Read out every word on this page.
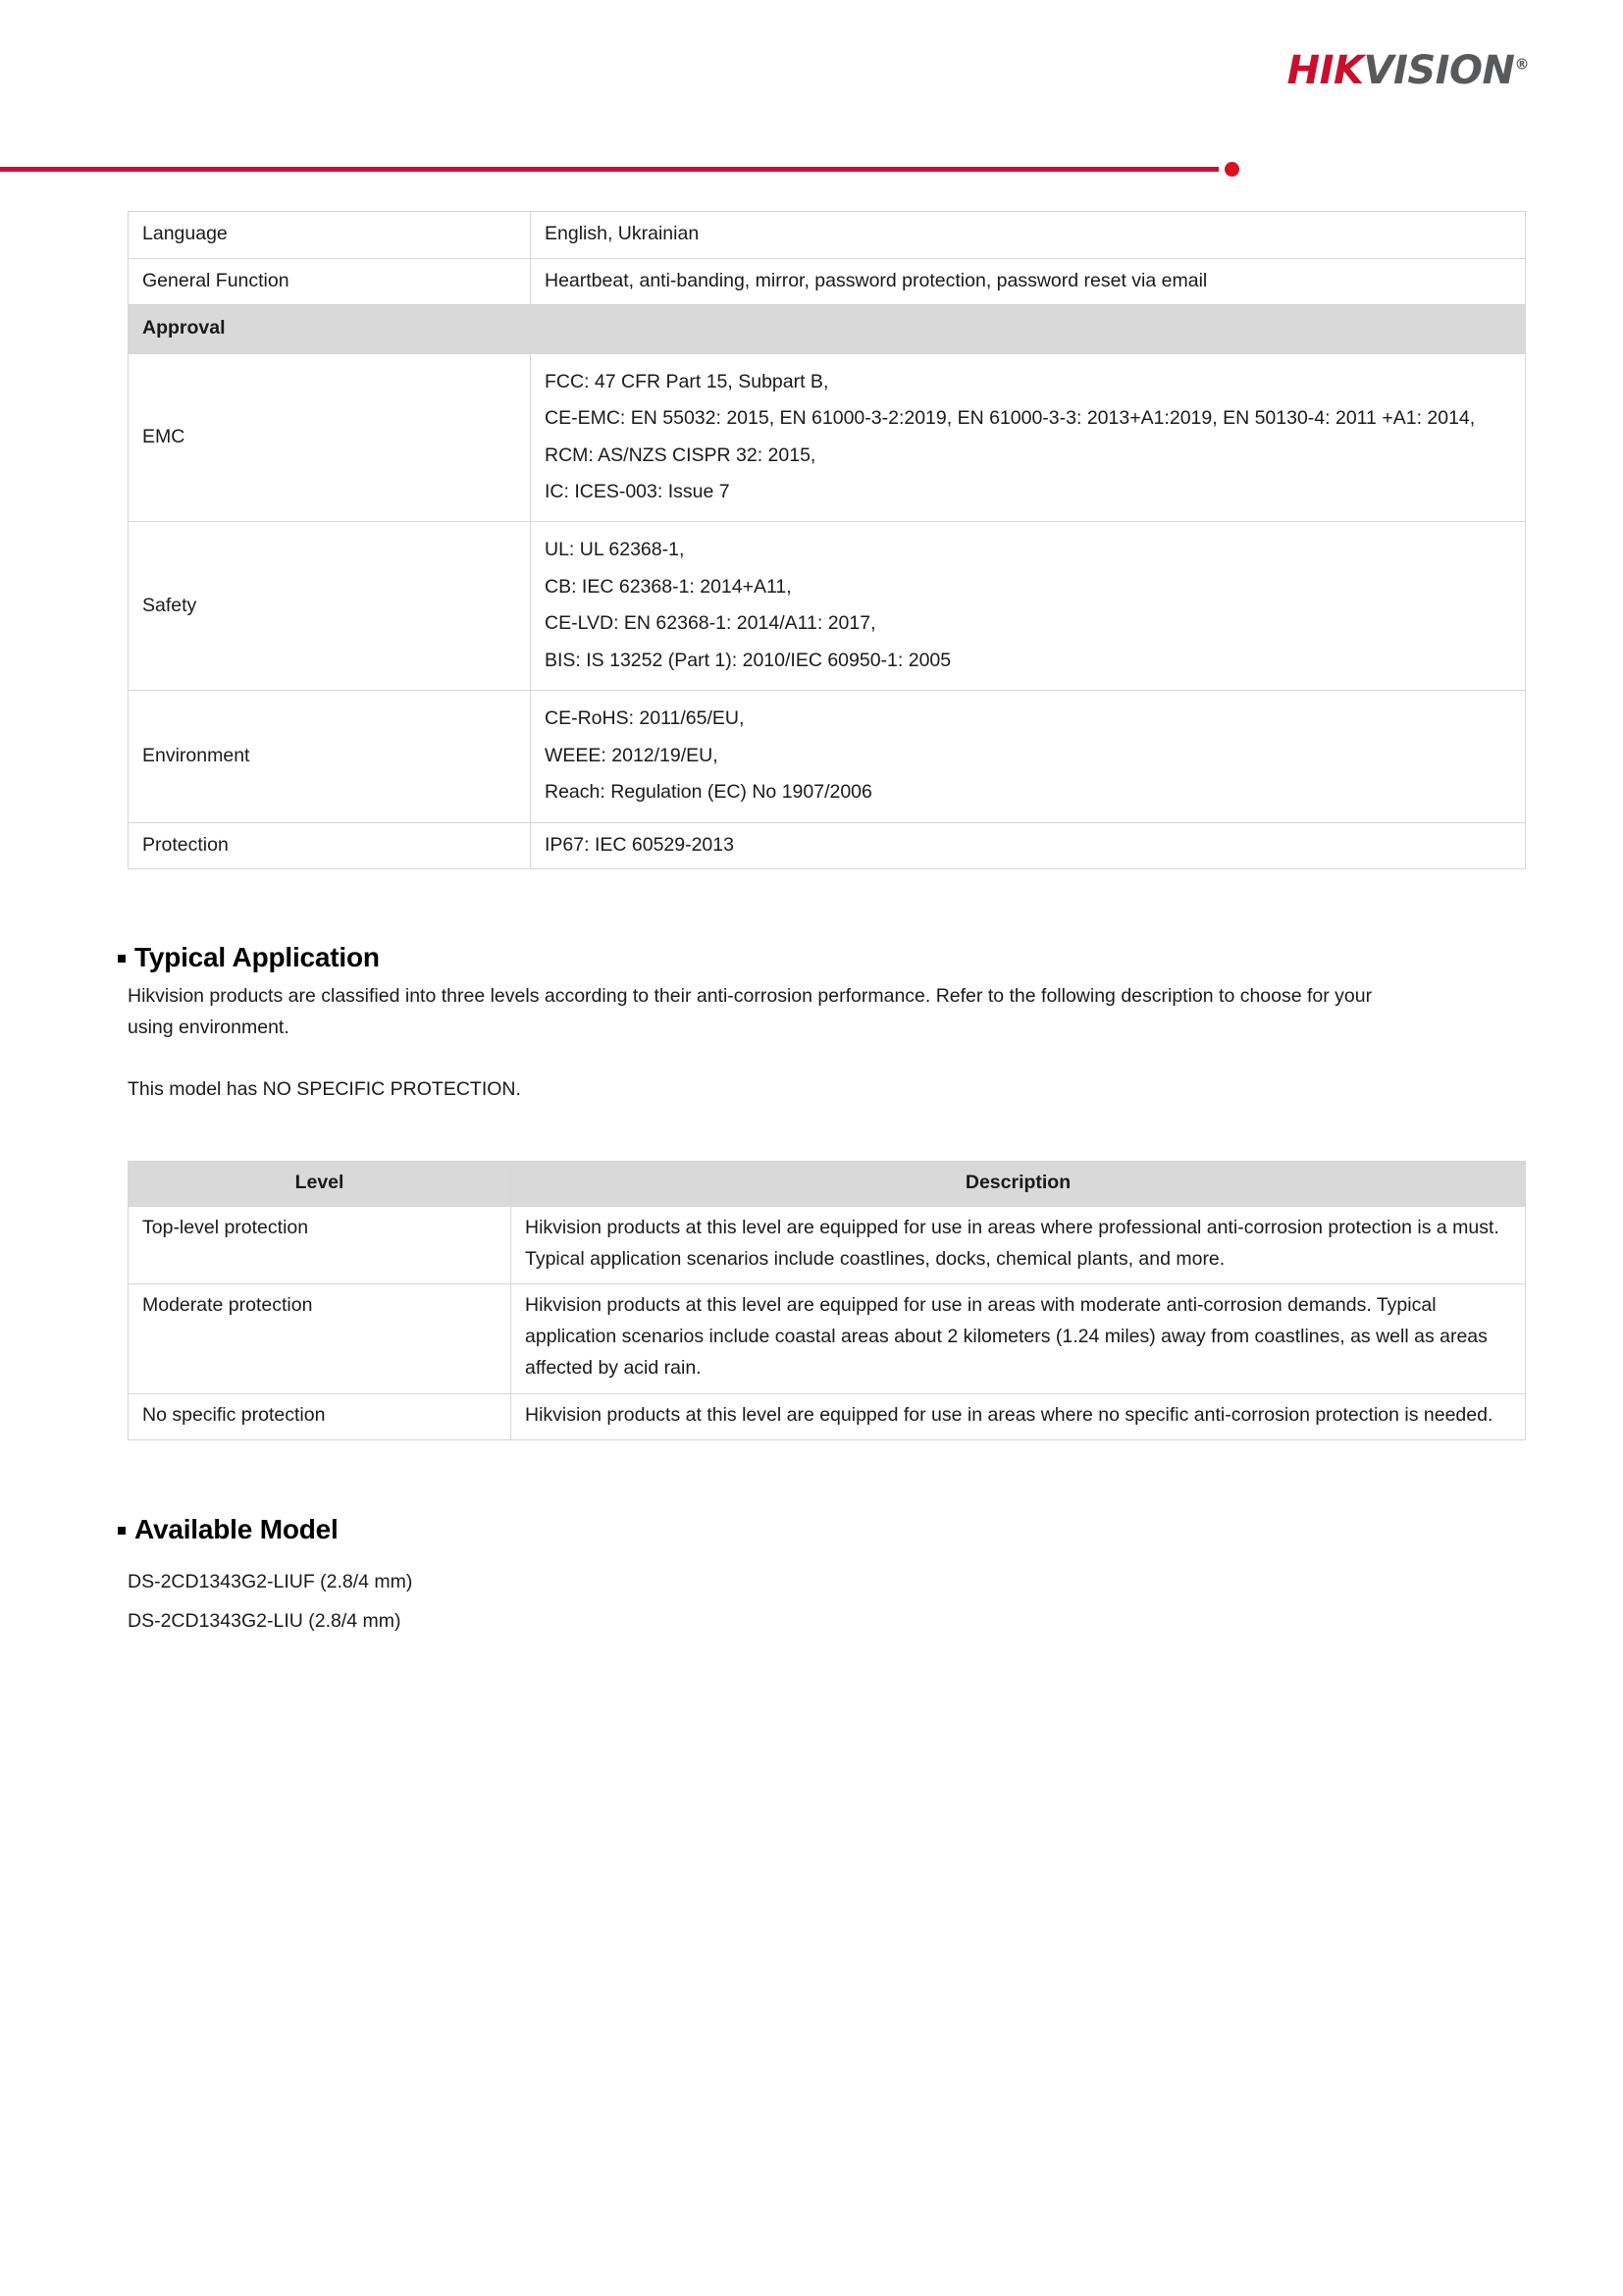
HIKVISION®
Language	English, Ukrainian
General Function	Heartbeat, anti-banding, mirror, password protection, password reset via email
Approval	
EMC	FCC: 47 CFR Part 15, Subpart B,
CE-EMC: EN 55032: 2015, EN 61000-3-2:2019, EN 61000-3-3: 2013+A1:2019, EN 50130-4: 2011 +A1: 2014,
RCM: AS/NZS CISPR 32: 2015,
IC: ICES-003: Issue 7

Safety	UL: UL 62368-1,
CB: IEC 62368-1: 2014+A11,
CE-LVD: EN 62368-1: 2014/A11: 2017,
BIS: IS 13252 (Part 1): 2010/IEC 60950-1: 2005

Environment	CE-RoHS: 2011/65/EU,
WEEE: 2012/19/EU,
Reach: Regulation (EC) No 1907/2006

Protection	IP67: IEC 60529-2013
Typical Application
Hikvision products are classified into three levels according to their anti-corrosion performance. Refer to the following description to choose for your using environment.
This model has NO SPECIFIC PROTECTION.
Level	Description
Top-level protection	Hikvision products at this level are equipped for use in areas where professional anti-corrosion protection is a must. Typical application scenarios include coastlines, docks, chemical plants, and more.
Moderate protection	Hikvision products at this level are equipped for use in areas with moderate anti-corrosion demands. Typical application scenarios include coastal areas about 2 kilometers (1.24 miles) away from coastlines, as well as areas affected by acid rain.
No specific protection	Hikvision products at this level are equipped for use in areas where no specific anti-corrosion protection is needed.
Available Model
DS-2CD1343G2-LIUF (2.8/4 mm)
DS-2CD1343G2-LIU (2.8/4 mm)
